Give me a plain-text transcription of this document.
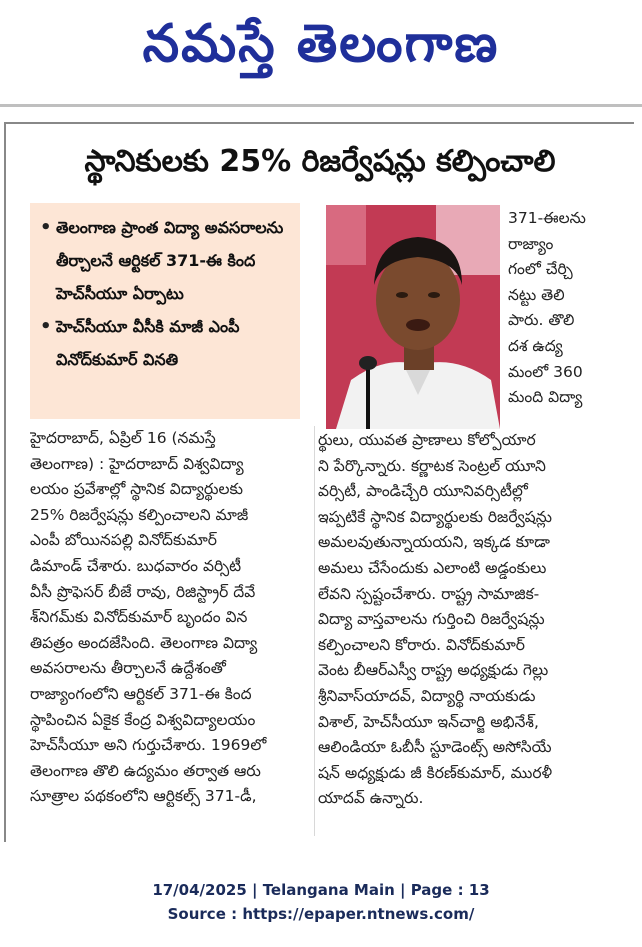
నమస్తే తెలంగాణ
స్థానికులకు 25% రిజర్వేషన్లు కల్పించాలి
• తెలంగాణ ప్రాంత విద్యా అవసరాలను తీర్చాలనే ఆర్టికల్ 371-ఈ కింద హెచ్‌సీయూ ఏర్పాటు
• హెచ్‌సీయూ వీసీకి మాజీ ఎంపీ వినోద్‌కుమార్ వినతి
371-ఈలను
రాజ్యాం
గంలో చేర్చి
నట్టు తెలి
పారు. తొలి
దశ ఉద్య
మంలో 360
మంది విద్యా
హైదరాబాద్, ఏప్రిల్ 16 (నమస్తే
తెలంగాణ) : హైదరాబాద్ విశ్వవిద్యా
లయం ప్రవేశాల్లో స్థానిక విద్యార్థులకు
25% రిజర్వేషన్లు కల్పించాలని మాజీ
ఎంపీ బోయినపల్లి వినోద్‌కుమార్
డిమాండ్ చేశారు. బుధవారం వర్సిటీ
వీసీ ప్రొఫెసర్ బీజే రావు, రిజిస్ట్రార్ దేవే
శ్‌నిగమ్‌కు వినోద్‌కుమార్ బృందం విన
తిపత్రం అందజేసింది. తెలంగాణ విద్యా
అవసరాలను తీర్చాలనే ఉద్దేశంతో
రాజ్యాంగంలోని ఆర్టికల్ 371-ఈ కింద
స్థాపించిన ఏకైక కేంద్ర విశ్వవిద్యాలయం
హెచ్‌సీయూ అని గుర్తుచేశారు. 1969లో
తెలంగాణ తొలి ఉద్యమం తర్వాత ఆరు
సూత్రాల పథకంలోని ఆర్టికల్స్ 371-డీ,
ర్థులు, యువత ప్రాణాలు కోల్పోయార
ని పేర్కొన్నారు. కర్ణాటక సెంట్రల్ యూని
వర్సిటీ, పాండిచ్చేరి యూనివర్సిటీల్లో
ఇప్పటికే స్థానిక విద్యార్థులకు రిజర్వేషన్లు
అమలవుతున్నాయయని, ఇక్కడ కూడా
అమలు చేసేందుకు ఎలాంటి అడ్డంకులు
లేవని స్పష్టంచేశారు. రాష్ట్ర సామాజిక-
విద్యా వాస్తవాలను గుర్తించి రిజర్వేషన్లు
కల్పించాలని కోరారు. వినోద్‌కుమార్
వెంట బీఆర్‌ఎస్వీ రాష్ట్ర అధ్యక్షుడు గెల్లు
శ్రీనివాస్‌యాదవ్, విద్యార్థి నాయకుడు
విశాల్, హెచ్‌సీయూ ఇన్‌చార్జి అభినేశ్,
ఆలిండియా ఓబీసీ స్టూడెంట్స్ అసోసియే
షన్ అధ్యక్షుడు జీ కిరణ్‌కుమార్, మురళీ
యాదవ్ ఉన్నారు.
17/04/2025 | Telangana Main | Page : 13
Source : https://epaper.ntnews.com/
